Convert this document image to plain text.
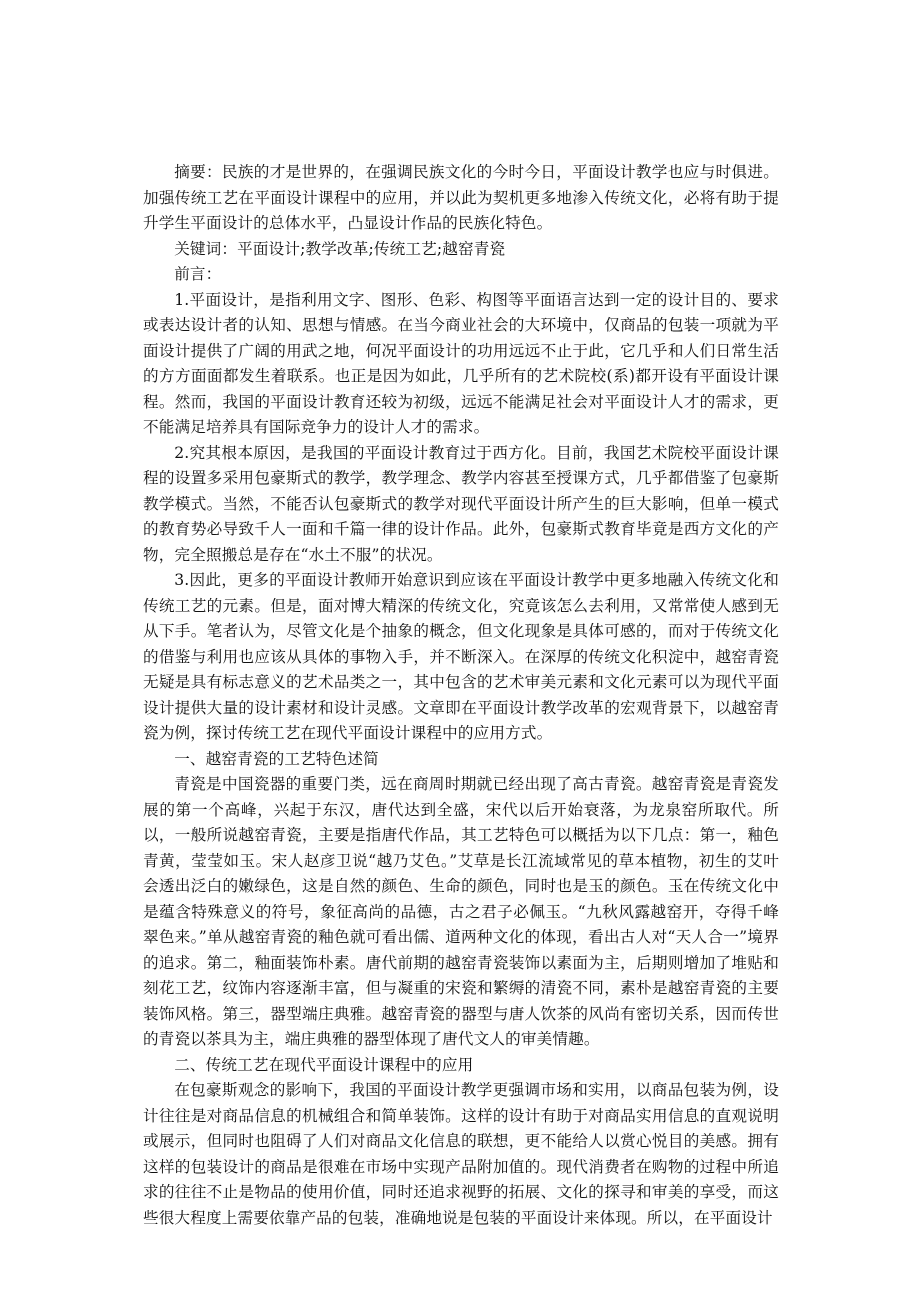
摘要：民族的才是世界的，在强调民族文化的今时今日，平面设计教学也应与时俱进。加强传统工艺在平面设计课程中的应用，并以此为契机更多地渗入传统文化，必将有助于提升学生平面设计的总体水平，凸显设计作品的民族化特色。

关键词：平面设计;教学改革;传统工艺;越窑青瓷

前言：

1.平面设计，是指利用文字、图形、色彩、构图等平面语言达到一定的设计目的、要求或表达设计者的认知、思想与情感。在当今商业社会的大环境中，仅商品的包装一项就为平面设计提供了广阔的用武之地，何况平面设计的功用远远不止于此，它几乎和人们日常生活的方方面面都发生着联系。也正是因为如此，几乎所有的艺术院校(系)都开设有平面设计课程。然而，我国的平面设计教育还较为初级，远远不能满足社会对平面设计人才的需求，更不能满足培养具有国际竞争力的设计人才的需求。

2.究其根本原因，是我国的平面设计教育过于西方化。目前，我国艺术院校平面设计课程的设置多采用包豪斯式的教学，教学理念、教学内容甚至授课方式，几乎都借鉴了包豪斯教学模式。当然，不能否认包豪斯式的教学对现代平面设计所产生的巨大影响，但单一模式的教育势必导致千人一面和千篇一律的设计作品。此外，包豪斯式教育毕竟是西方文化的产物，完全照搬总是存在“水土不服”的状况。

3.因此，更多的平面设计教师开始意识到应该在平面设计教学中更多地融入传统文化和传统工艺的元素。但是，面对博大精深的传统文化，究竟该怎么去利用，又常常使人感到无从下手。笔者认为，尽管文化是个抽象的概念，但文化现象是具体可感的，而对于传统文化的借鉴与利用也应该从具体的事物入手，并不断深入。在深厚的传统文化积淀中，越窑青瓷无疑是具有标志意义的艺术品类之一，其中包含的艺术审美元素和文化元素可以为现代平面设计提供大量的设计素材和设计灵感。文章即在平面设计教学改革的宏观背景下，以越窑青瓷为例，探讨传统工艺在现代平面设计课程中的应用方式。

一、越窑青瓷的工艺特色述简

青瓷是中国瓷器的重要门类，远在商周时期就已经出现了高古青瓷。越窑青瓷是青瓷发展的第一个高峰，兴起于东汉，唐代达到全盛，宋代以后开始衰落，为龙泉窑所取代。所以，一般所说越窑青瓷，主要是指唐代作品，其工艺特色可以概括为以下几点：第一，釉色青黄，莹莹如玉。宋人赵彦卫说“越乃艾色。”艾草是长江流域常见的草本植物，初生的艾叶会透出泛白的嫩绿色，这是自然的颜色、生命的颜色，同时也是玉的颜色。玉在传统文化中是蕴含特殊意义的符号，象征高尚的品德，古之君子必佩玉。“九秋风露越窑开，夺得千峰翠色来。”单从越窑青瓷的釉色就可看出儒、道两种文化的体现，看出古人对“天人合一”境界的追求。第二，釉面装饰朴素。唐代前期的越窑青瓷装饰以素面为主，后期则增加了堆贴和刻花工艺，纹饰内容逐渐丰富，但与凝重的宋瓷和繁缛的清瓷不同，素朴是越窑青瓷的主要装饰风格。第三，器型端庄典雅。越窑青瓷的器型与唐人饮茶的风尚有密切关系，因而传世的青瓷以茶具为主，端庄典雅的器型体现了唐代文人的审美情趣。

二、传统工艺在现代平面设计课程中的应用

在包豪斯观念的影响下，我国的平面设计教学更强调市场和实用，以商品包装为例，设计往往是对商品信息的机械组合和简单装饰。这样的设计有助于对商品实用信息的直观说明或展示，但同时也阻碍了人们对商品文化信息的联想，更不能给人以赏心悦目的美感。拥有这样的包装设计的商品是很难在市场中实现产品附加值的。现代消费者在购物的过程中所追求的往往不止是物品的使用价值，同时还追求视野的拓展、文化的探寻和审美的享受，而这些很大程度上需要依靠产品的包装，准确地说是包装的平面设计来体现。所以，在平面设计
